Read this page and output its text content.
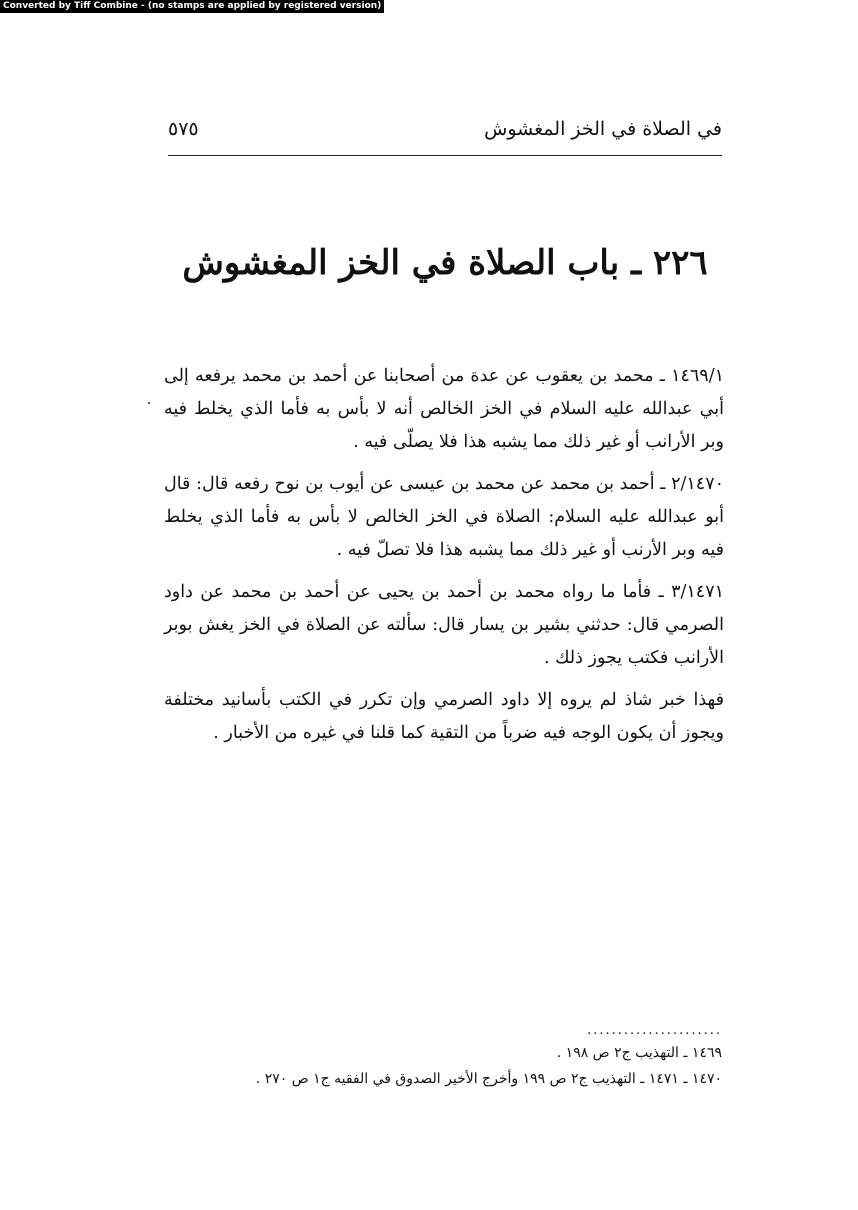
Converted by Tiff Combine - (no stamps are applied by registered version)
في الصلاة في الخز المغشوش
٥٧٥
٢٢٦ ـ باب الصلاة في الخز المغشوش

١٤٦٩/١ ـ محمد بن يعقوب عن عدة من أصحابنا عن أحمد بن محمد يرفعه إلى أبي عبدالله عليه السلام في الخز الخالص أنه لا بأس به فأما الذي يخلط فيه وبر الأرانب أو غير ذلك مما يشبه هذا فلا يصلّى فيه .

٢/١٤٧٠ ـ أحمد بن محمد عن محمد بن عيسى عن أيوب بن نوح رفعه قال: قال أبو عبدالله عليه السلام: الصلاة في الخز الخالص لا بأس به فأما الذي يخلط فيه وبر الأرنب أو غير ذلك مما يشبه هذا فلا تصلّ فيه .

٣/١٤٧١ ـ فأما ما رواه محمد بن أحمد بن يحيى عن أحمد بن محمد عن داود الصرمي قال: حدثني بشير بن يسار قال: سألته عن الصلاة في الخز يغش بوبر الأرانب فكتب يجوز ذلك .

فهذا خبر شاذ لم يروه إلا داود الصرمي وإن تكرر في الكتب بأسانيد مختلفة ويجوز أن يكون الوجه فيه ضرباً من التقية كما قلنا في غيره من الأخبار .

......................
١٤٦٩ ـ التهذيب ج٢ ص ١٩٨ .
١٤٧٠ ـ ١٤٧١ ـ التهذيب ج٢ ص ١٩٩ وأخرج الأخير الصدوق في الفقيه ج١ ص ٢٧٠ .
